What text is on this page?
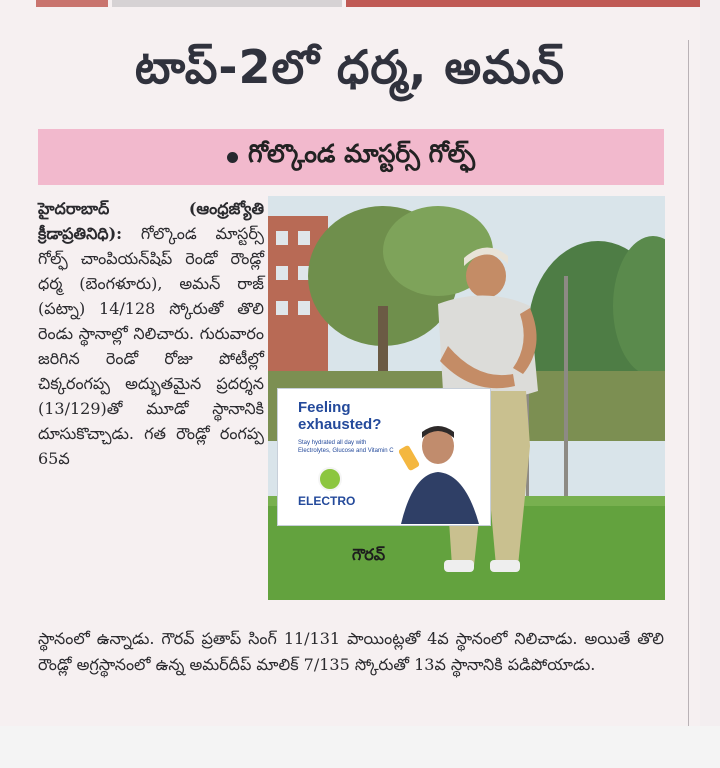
టాప్-2లో ధర్మ, అమన్
గోల్కొండ మాస్టర్స్ గోల్ఫ్

హైదరాబాద్ (ఆంధ్రజ్యోతి క్రీడాప్రతినిధి): గోల్కొండ మాస్టర్స్ గోల్ఫ్ చాంపియన్‌షిప్ రెండో రౌండ్లో ధర్మ (బెంగళూరు), అమన్ రాజ్ (పట్నా) 14/128 స్కోరుతో తొలి రెండు స్థానాల్లో నిలిచారు. గురువారం జరిగిన రెండో రోజు పోటీల్లో చిక్కరంగప్ప అద్భుతమైన ప్రదర్శన (13/129)తో మూడో స్థానానికి దూసుకొచ్చాడు. గత రౌండ్లో రంగప్ప 65వ

Feeling exhausted?
Stay hydrated all day with Electrolytes, Glucose and Vitamin C
ELECTRO
గౌరవ్

స్థానంలో ఉన్నాడు. గౌరవ్ ప్రతాప్ సింగ్ 11/131 పాయింట్లతో 4వ స్థానంలో నిలిచాడు. అయితే తొలి రౌండ్లో అగ్రస్థానంలో ఉన్న అమర్‌దీప్ మాలిక్ 7/135 స్కోరుతో 13వ స్థానానికి పడిపోయాడు.
